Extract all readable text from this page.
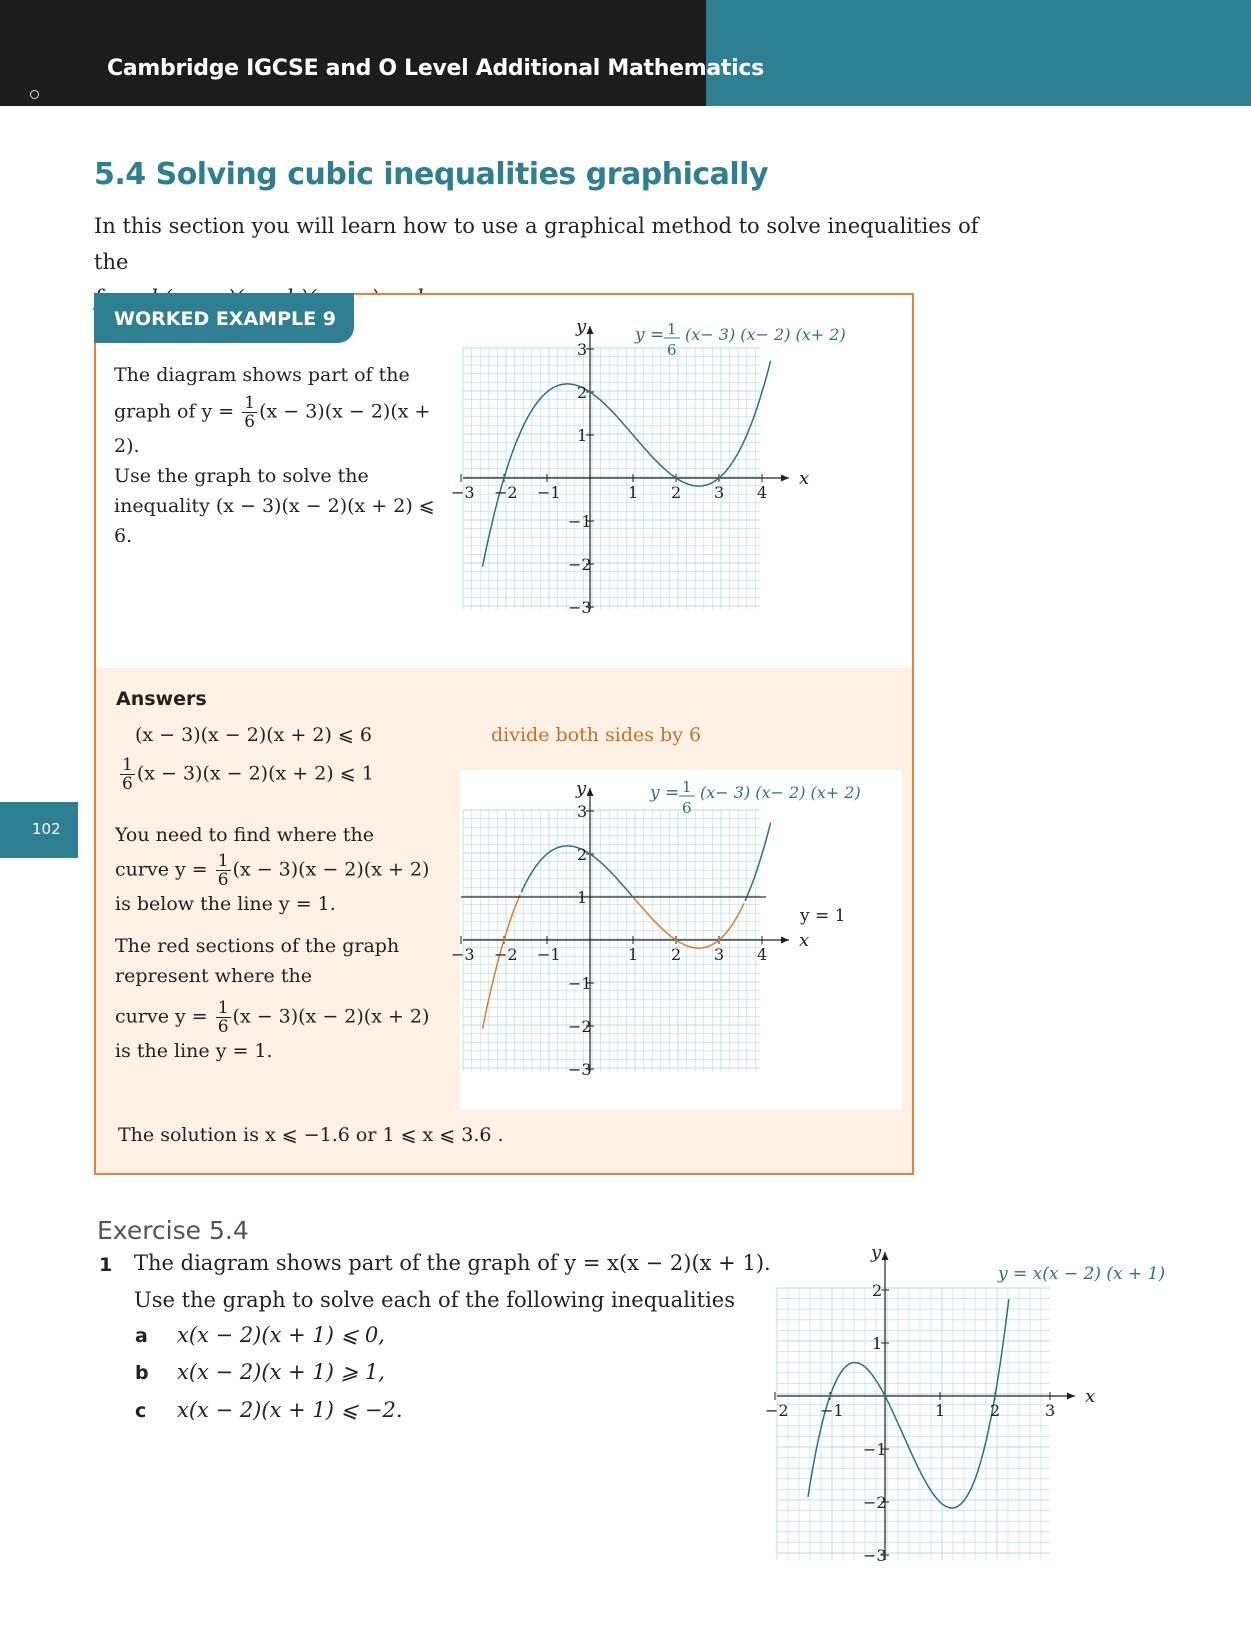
Cambridge IGCSE and O Level Additional Mathematics
5.4 Solving cubic inequalities graphically
In this section you will learn how to use a graphical method to solve inequalities of the
WORKED EXAMPLE 9
The diagram shows part of the
graph of $y = \frac{1}{6} (x - 3)(x - 2)(x + 2)$.
Use the graph to solve the
inequality (x − 3)(x − 2)(x + 2) ⩽ 6.
x
y
−3 −2 −1	1 2 3 4
3
2
1
−1
−2
−3
y = 1
6
(x− 3) (x− 2) (x+ 2)
Answers
(x − 3)(x − 2)(x + 2) ⩽ 6
$\frac{1}{6} (x - 3)(x - 2)(x + 2)$ ⩽ 1
divide both sides by 6
You need to find where the
curve $y = \frac{1}{6} (x - 3)(x - 2)(x + 2)$
is below the line y = 1.
The red sections of the graph
represent where the
curve $y = \frac{1}{6} (x - 3)(x - 2)(x + 2)$
is the line y = 1.
x
y
−3 −2 −1	1 2 3 4
3
2
1
−1
−2
−3
y = 1
6
(x− 3) (x− 2) (x+ 2)
y = 1
The solution is x ⩽ −1.6 or 1 ⩽ x ⩽ 3.6 .
102
Exercise 5.4
1 The diagram shows part of the graph of y = x(x − 2)(x + 1).
Use the graph to solve each of the following inequalities
a x(x − 2)(x + 1) ⩽ 0,
b x(x − 2)(x + 1) ⩾ 1,
c x(x − 2)(x + 1) ⩽ −2.
x
y
−2 −1	1	2	3
2
1
−1
−2
−3
y = x(x − 2) (x + 1)
